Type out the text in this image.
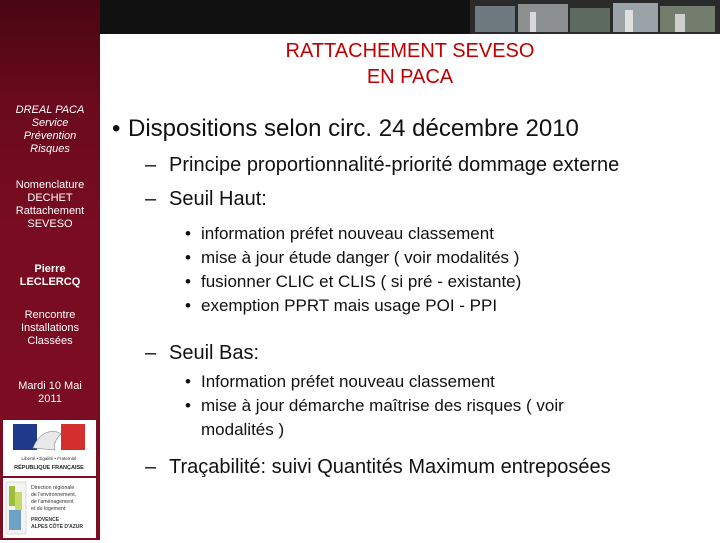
DREAL PACA
Service
Prévention
Risques
Nomenclature
DECHET
Rattachement
SEVESO
Pierre
LECLERCQ
Rencontre
Installations
Classées
Mardi 10 Mai
2011
Liberté • Égalité • Fraternité
RÉPUBLIQUE FRANÇAISE
Direction régionale
de l'environnement,
de l'aménagement
et du logement
PROVENCE
ALPES CÔTE D'AZUR
RATTACHEMENT SEVESO
EN PACA
• Dispositions selon circ. 24 décembre 2010
– Principe proportionnalité-priorité dommage externe
– Seuil Haut:
• information préfet nouveau classement
• mise à jour étude danger ( voir modalités )
• fusionner CLIC et CLIS ( si pré - existante)
• exemption PPRT mais usage POI - PPI
– Seuil Bas:
• Information préfet nouveau classement
• mise à jour démarche maîtrise des risques ( voir
modalités )
– Traçabilité: suivi Quantités Maximum entreposées
